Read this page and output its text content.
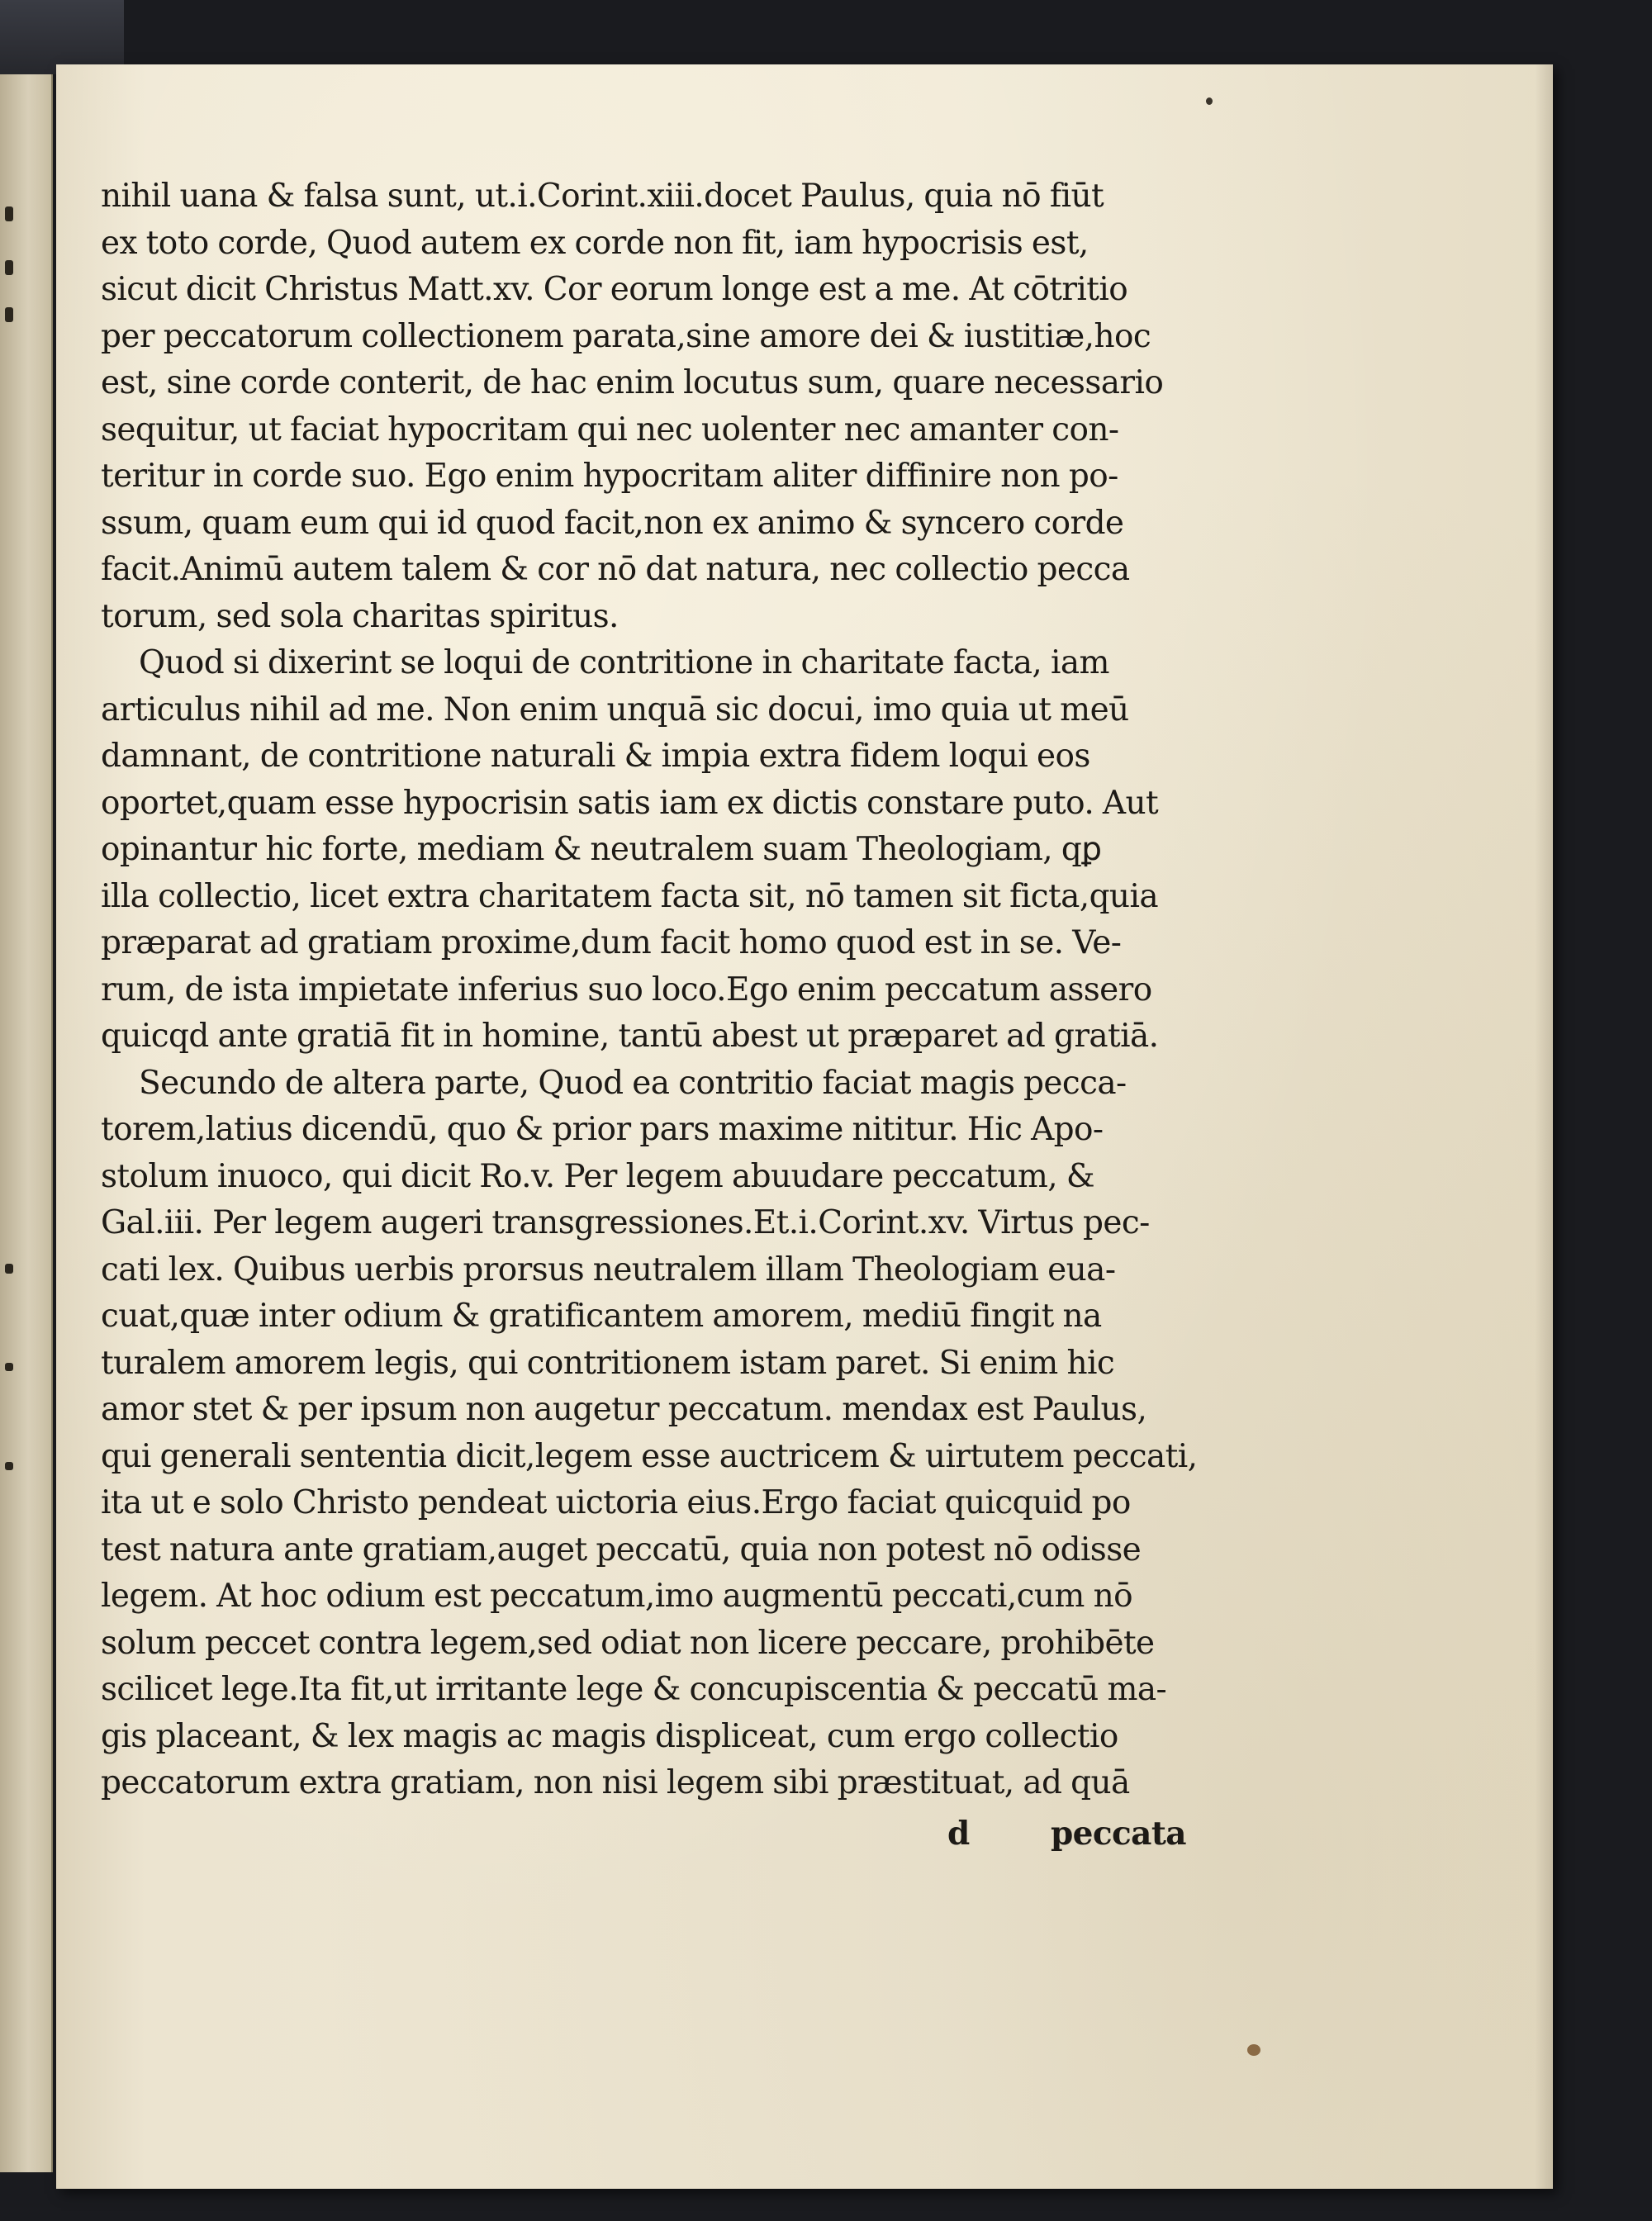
nihil uana & falsa sunt, ut.i.Corint.xiii.docet Paulus, quia nō fiūt
ex toto corde, Quod autem ex corde non fit, iam hypocrisis est,
sicut dicit Christus Matt.xv. Cor eorum longe est a me. At cōtritio
per peccatorum collectionem parata,sine amore dei & iustitiæ,hoc
est, sine corde conterit, de hac enim locutus sum, quare necessario
sequitur, ut faciat hypocritam qui nec uolenter nec amanter con-
teritur in corde suo. Ego enim hypocritam aliter diffinire non po-
ssum, quam eum qui id quod facit,non ex animo & syncero corde
facit.Animū autem talem & cor nō dat natura, nec collectio pecca
torum, sed sola charitas spiritus.
Quod si dixerint se loqui de contritione in charitate facta, iam
articulus nihil ad me. Non enim unquā sic docui, imo quia ut meū
damnant, de contritione naturali & impia extra fidem loqui eos
oportet,quam esse hypocrisin satis iam ex dictis constare puto. Aut
opinantur hic forte, mediam & neutralem suam Theologiam, qꝑ
illa collectio, licet extra charitatem facta sit, nō tamen sit ficta,quia
præparat ad gratiam proxime,dum facit homo quod est in se. Ve-
rum, de ista impietate inferius suo loco.Ego enim peccatum assero
quicqd ante gratiā fit in homine, tantū abest ut præparet ad gratiā.
Secundo de altera parte, Quod ea contritio faciat magis pecca-
torem,latius dicendū, quo & prior pars maxime nititur. Hic Apo-
stolum inuoco, qui dicit Ro.v. Per legem abuudare peccatum, &
Gal.iii. Per legem augeri transgressiones.Et.i.Corint.xv. Virtus pec-
cati lex. Quibus uerbis prorsus neutralem illam Theologiam eua-
cuat,quæ inter odium & gratificantem amorem, mediū fingit na
turalem amorem legis, qui contritionem istam paret. Si enim hic
amor stet & per ipsum non augetur peccatum. mendax est Paulus,
qui generali sententia dicit,legem esse auctricem & uirtutem peccati,
ita ut e solo Christo pendeat uictoria eius.Ergo faciat quicquid po
test natura ante gratiam,auget peccatū, quia non potest nō odisse
legem. At hoc odium est peccatum,imo augmentū peccati,cum nō
solum peccet contra legem,sed odiat non licere peccare, prohibēte
scilicet lege.Ita fit,ut irritante lege & concupiscentia & peccatū ma-
gis placeant, & lex magis ac magis displiceat, cum ergo collectio
peccatorum extra gratiam, non nisi legem sibi præstituat, ad quā
d	peccata
